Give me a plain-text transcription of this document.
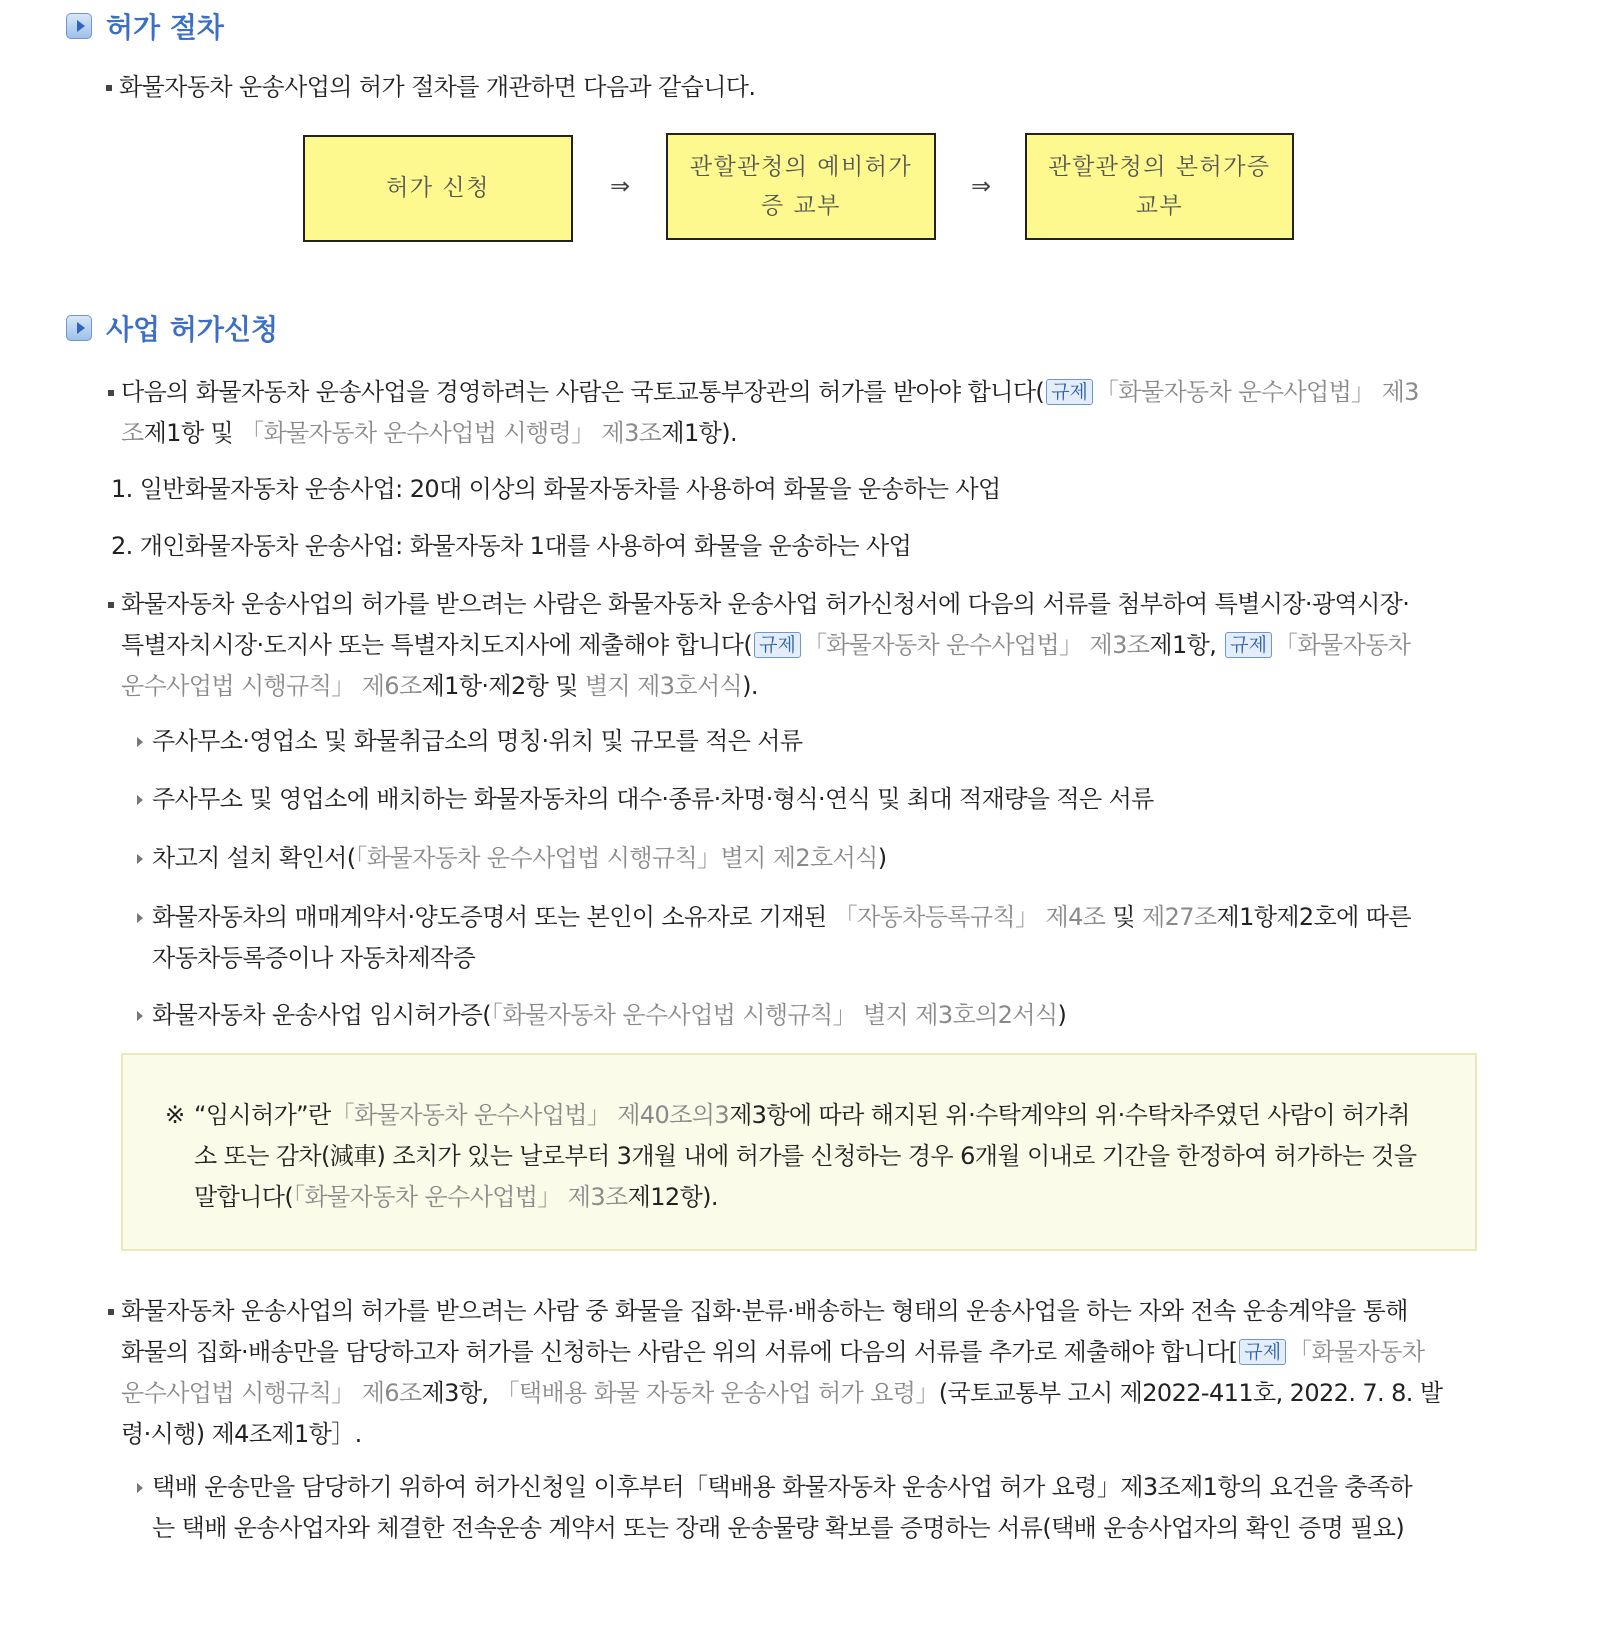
허가 절차
화물자동차 운송사업의 허가 절차를 개관하면 다음과 같습니다.
허가 신청	⇒
관할관청의 예비허가
증 교부
⇒
관할관청의 본허가증
교부
사업 허가신청
다음의 화물자동차 운송사업을 경영하려는 사람은 국토교통부장관의 허가를 받아야 합니다( 규제 「화물자동차 운수사업법」 제3
조제1항 및 「화물자동차 운수사업법 시행령」 제3조제1항).
1. 일반화물자동차 운송사업: 20대 이상의 화물자동차를 사용하여 화물을 운송하는 사업
2. 개인화물자동차 운송사업: 화물자동차 1대를 사용하여 화물을 운송하는 사업
화물자동차 운송사업의 허가를 받으려는 사람은 화물자동차 운송사업 허가신청서에 다음의 서류를 첨부하여 특별시장·광역시장·
특별자치시장·도지사 또는 특별자치도지사에 제출해야 합니다( 규제 「화물자동차 운수사업법」 제3조제1항, 규제 「화물자동차
운수사업법 시행규칙」 제6조제1항·제2항 및 별지 제3호서식).
주사무소·영업소 및 화물취급소의 명칭·위치 및 규모를 적은 서류
주사무소 및 영업소에 배치하는 화물자동차의 대수·종류·차명·형식·연식 및 최대 적재량을 적은 서류
차고지 설치 확인서(「화물자동차 운수사업법 시행규칙」별지 제2호서식)
화물자동차의 매매계약서·양도증명서 또는 본인이 소유자로 기재된 「자동차등록규칙」 제4조 및 제27조제1항제2호에 따른
자동차등록증이나 자동차제작증
화물자동차 운송사업 임시허가증(「화물자동차 운수사업법 시행규칙」 별지 제3호의2서식)
※ “임시허가”란「화물자동차 운수사업법」 제40조의3제3항에 따라 해지된 위·수탁계약의 위·수탁차주였던 사람이 허가취
소 또는 감차(減車) 조치가 있는 날로부터 3개월 내에 허가를 신청하는 경우 6개월 이내로 기간을 한정하여 허가하는 것을
말합니다(「화물자동차 운수사업법」 제3조제12항).
화물자동차 운송사업의 허가를 받으려는 사람 중 화물을 집화·분류·배송하는 형태의 운송사업을 하는 자와 전속 운송계약을 통해
화물의 집화·배송만을 담당하고자 허가를 신청하는 사람은 위의 서류에 다음의 서류를 추가로 제출해야 합니다[ 규제 「화물자동차
운수사업법 시행규칙」 제6조제3항, 「택배용 화물 자동차 운송사업 허가 요령」(국토교통부 고시 제2022-411호, 2022. 7. 8. 발
령·시행) 제4조제1항］.
택배 운송만을 담당하기 위하여 허가신청일 이후부터「택배용 화물자동차 운송사업 허가 요령」제3조제1항의 요건을 충족하
는 택배 운송사업자와 체결한 전속운송 계약서 또는 장래 운송물량 확보를 증명하는 서류(택배 운송사업자의 확인 증명 필요)
